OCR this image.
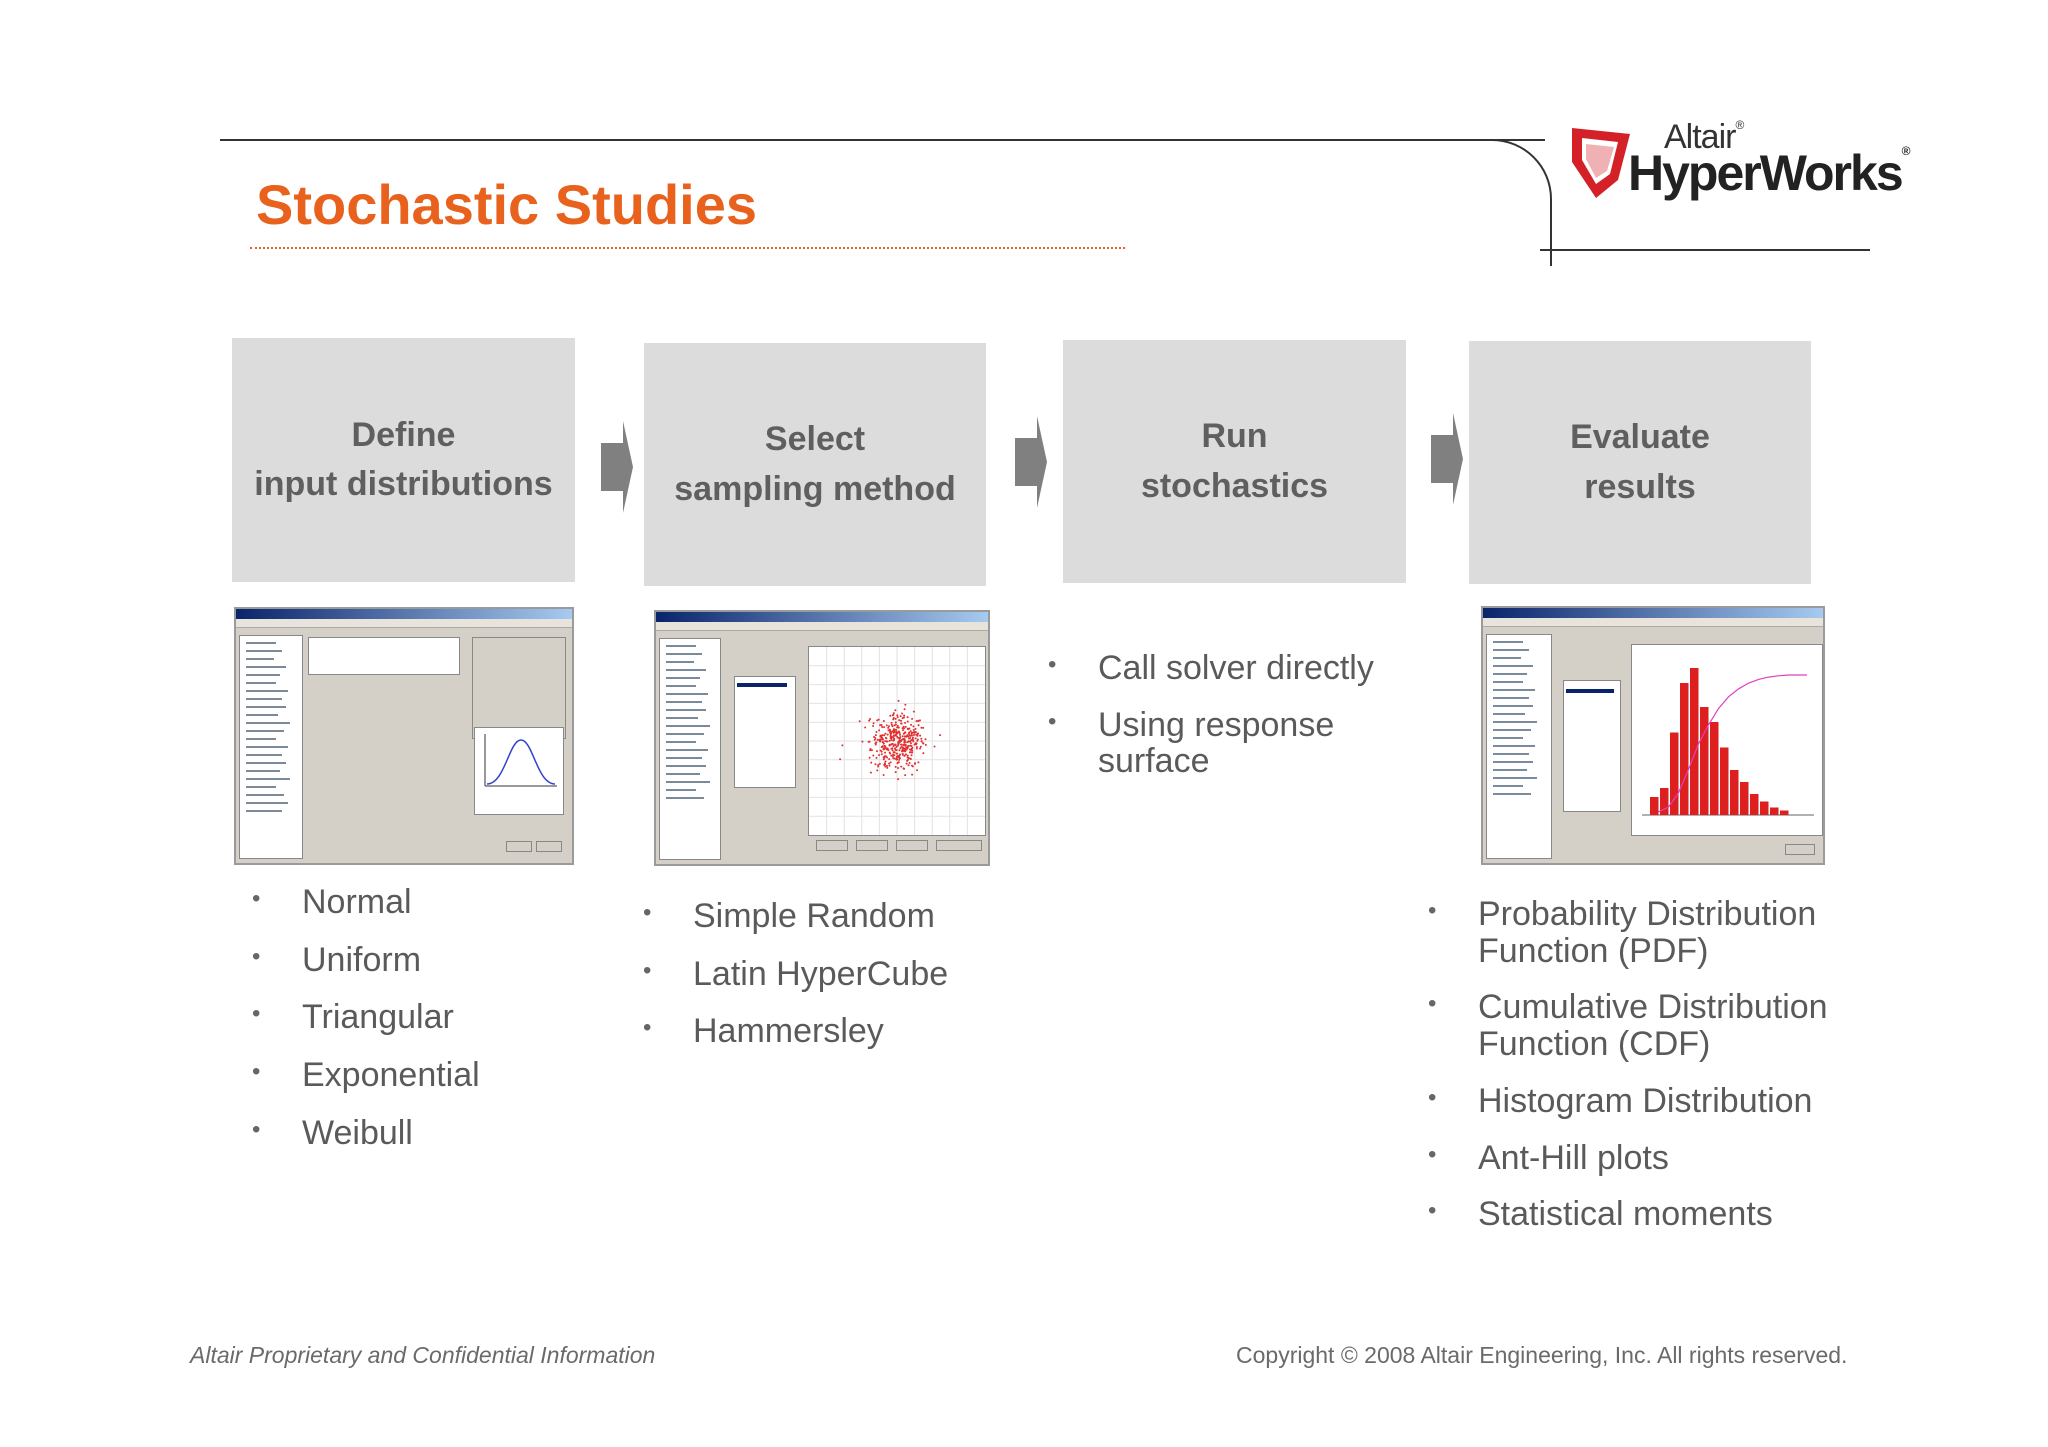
Stochastic Studies
Altair®
HyperWorks®
Define
input distributions
Select
sampling method
Run
stochastics
Evaluate
results
• Normal
• Uniform
• Triangular
• Exponential
• Weibull
• Simple Random
• Latin HyperCube
• Hammersley
• Call solver directly
• Using response surface
• Probability Distribution Function (PDF)
• Cumulative Distribution Function (CDF)
• Histogram Distribution
• Ant-Hill plots
• Statistical moments
Altair Proprietary and Confidential Information	Copyright © 2008 Altair Engineering, Inc. All rights reserved.
